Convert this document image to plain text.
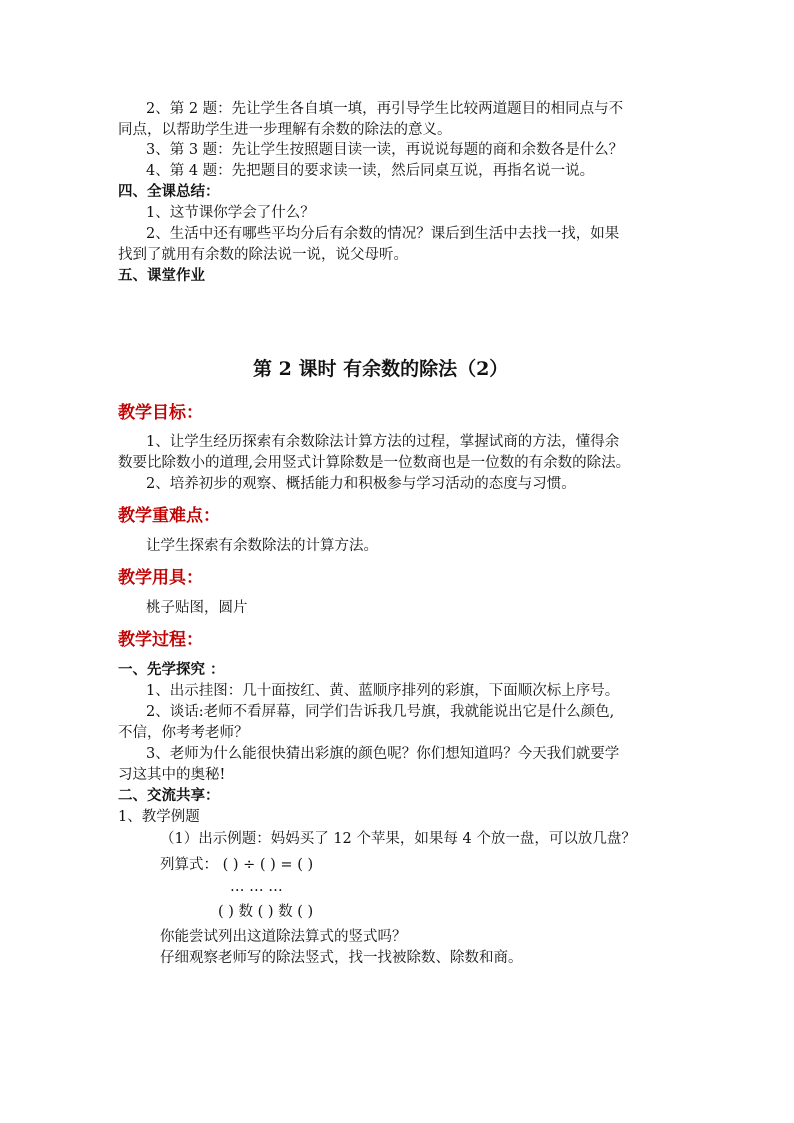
2、第 2 题：先让学生各自填一填，再引导学生比较两道题目的相同点与不
同点，以帮助学生进一步理解有余数的除法的意义。
3、第 3 题：先让学生按照题目读一读，再说说每题的商和余数各是什么？
4、第 4 题：先把题目的要求读一读，然后同桌互说，再指名说一说。
四、全课总结：
1、这节课你学会了什么？
2、生活中还有哪些平均分后有余数的情况？课后到生活中去找一找，如果
找到了就用有余数的除法说一说，说父母听。
五、课堂作业
第 2 课时 有余数的除法（2）
教学目标：
1、让学生经历探索有余数除法计算方法的过程，掌握试商的方法，懂得余
数要比除数小的道理,会用竖式计算除数是一位数商也是一位数的有余数的除法。
2、培养初步的观察、概括能力和积极参与学习活动的态度与习惯。
教学重难点：
让学生探索有余数除法的计算方法。
教学用具：
桃子贴图，圆片
教学过程：
一、先学探究 ：
1、出示挂图：几十面按红、黄、蓝顺序排列的彩旗，下面顺次标上序号。
2、谈话:老师不看屏幕，同学们告诉我几号旗，我就能说出它是什么颜色,
不信，你考考老师？
3、老师为什么能很快猜出彩旗的颜色呢？你们想知道吗？今天我们就要学
习这其中的奥秘!
二、交流共享：
1、教学例题
（1）出示例题：妈妈买了 12 个苹果，如果每 4 个放一盘，可以放几盘？
列算式： ( ) ÷ ( ) = ( )
… … …
( ) 数 ( ) 数 ( )
你能尝试列出这道除法算式的竖式吗？
仔细观察老师写的除法竖式，找一找被除数、除数和商。
